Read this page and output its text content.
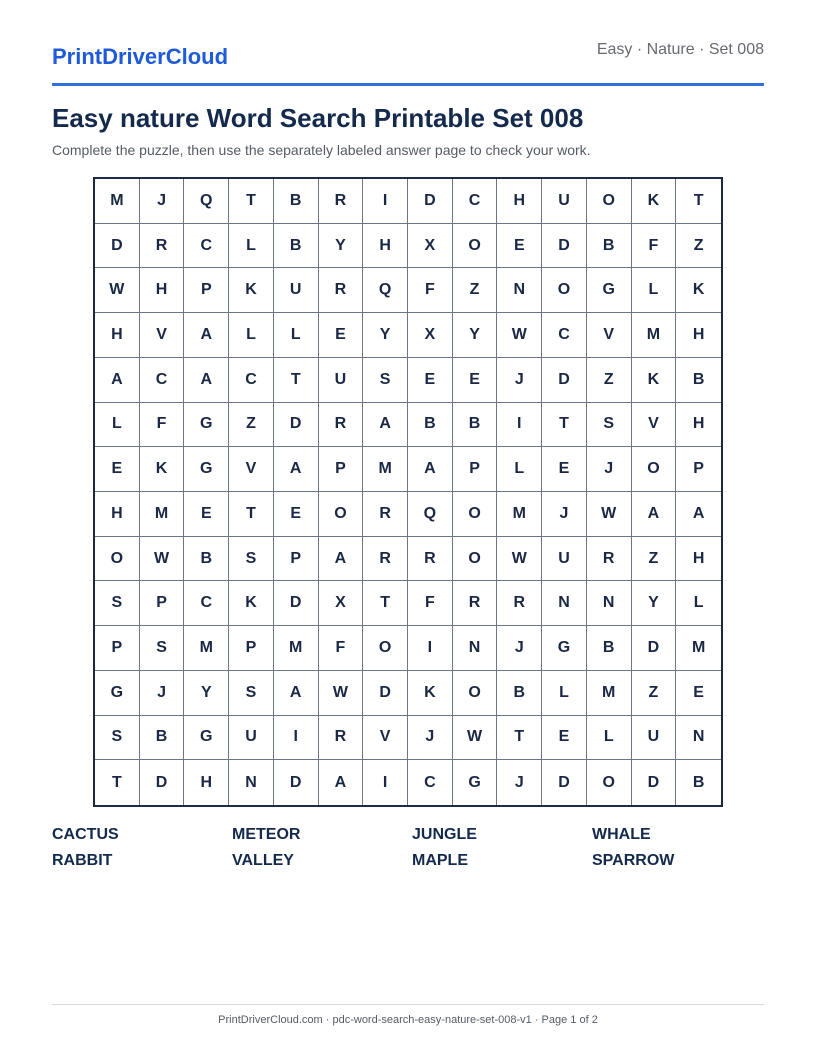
PrintDriverCloud	Easy · Nature · Set 008
Easy nature Word Search Printable Set 008

Complete the puzzle, then use the separately labeled answer page to check your work.

M	J	Q	T	B	R	I	D	C	H	U	O	K	T
D	R	C	L	B	Y	H	X	O	E	D	B	F	Z
W	H	P	K	U	R	Q	F	Z	N	O	G	L	K
H	V	A	L	L	E	Y	X	Y	W	C	V	M	H
A	C	A	C	T	U	S	E	E	J	D	Z	K	B
L	F	G	Z	D	R	A	B	B	I	T	S	V	H
E	K	G	V	A	P	M	A	P	L	E	J	O	P
H	M	E	T	E	O	R	Q	O	M	J	W	A	A
O	W	B	S	P	A	R	R	O	W	U	R	Z	H
S	P	C	K	D	X	T	F	R	R	N	N	Y	L
P	S	M	P	M	F	O	I	N	J	G	B	D	M
G	J	Y	S	A	W	D	K	O	B	L	M	Z	E
S	B	G	U	I	R	V	J	W	T	E	L	U	N
T	D	H	N	D	A	I	C	G	J	D	O	D	B
CACTUS	METEOR	JUNGLE	WHALE
RABBIT	VALLEY	MAPLE	SPARROW
PrintDriverCloud.com · pdc-word-search-easy-nature-set-008-v1 · Page 1 of 2
